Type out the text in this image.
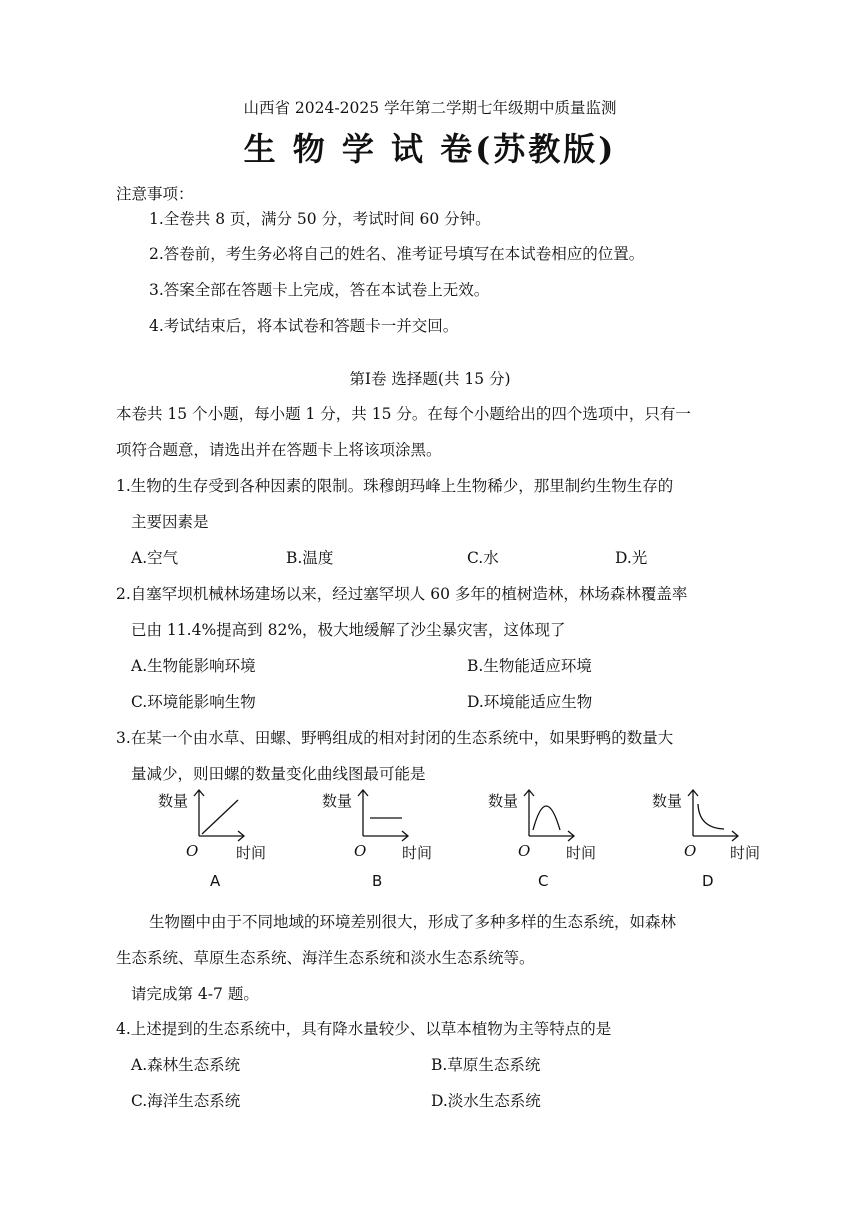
山西省 2024-2025 学年第二学期七年级期中质量监测
生 物 学 试 卷(苏教版)
注意事项：
1.全卷共 8 页，满分 50 分，考试时间 60 分钟。
2.答卷前，考生务必将自己的姓名、准考证号填写在本试卷相应的位置。
3.答案全部在答题卡上完成，答在本试卷上无效。
4.考试结束后，将本试卷和答题卡一并交回。
第Ⅰ卷 选择题(共 15 分)
本卷共 15 个小题，每小题 1 分，共 15 分。在每个小题给出的四个选项中，只有一
项符合题意，请选出并在答题卡上将该项涂黑。
1.生物的生存受到各种因素的限制。珠穆朗玛峰上生物稀少，那里制约生物生存的
主要因素是
A.空气	B.温度	C.水	D.光
2.自塞罕坝机械林场建场以来，经过塞罕坝人 60 多年的植树造林，林场森林覆盖率
已由 11.4%提高到 82%，极大地缓解了沙尘暴灾害，这体现了
A.生物能影响环境	B.生物能适应环境
C.环境能影响生物	D.环境能适应生物
3.在某一个由水草、田螺、野鸭组成的相对封闭的生态系统中，如果野鸭的数量大
量减少，则田螺的数量变化曲线图最可能是
数量
O	时间
A
数量
O 时间
B
数量
O 时间
C
数量
O 时间
D
生物圈中由于不同地域的环境差别很大，形成了多种多样的生态系统，如森林
生态系统、草原生态系统、海洋生态系统和淡水生态系统等。
请完成第 4-7 题。
4.上述提到的生态系统中，具有降水量较少、以草本植物为主等特点的是
A.森林生态系统	B.草原生态系统
C.海洋生态系统	D.淡水生态系统
